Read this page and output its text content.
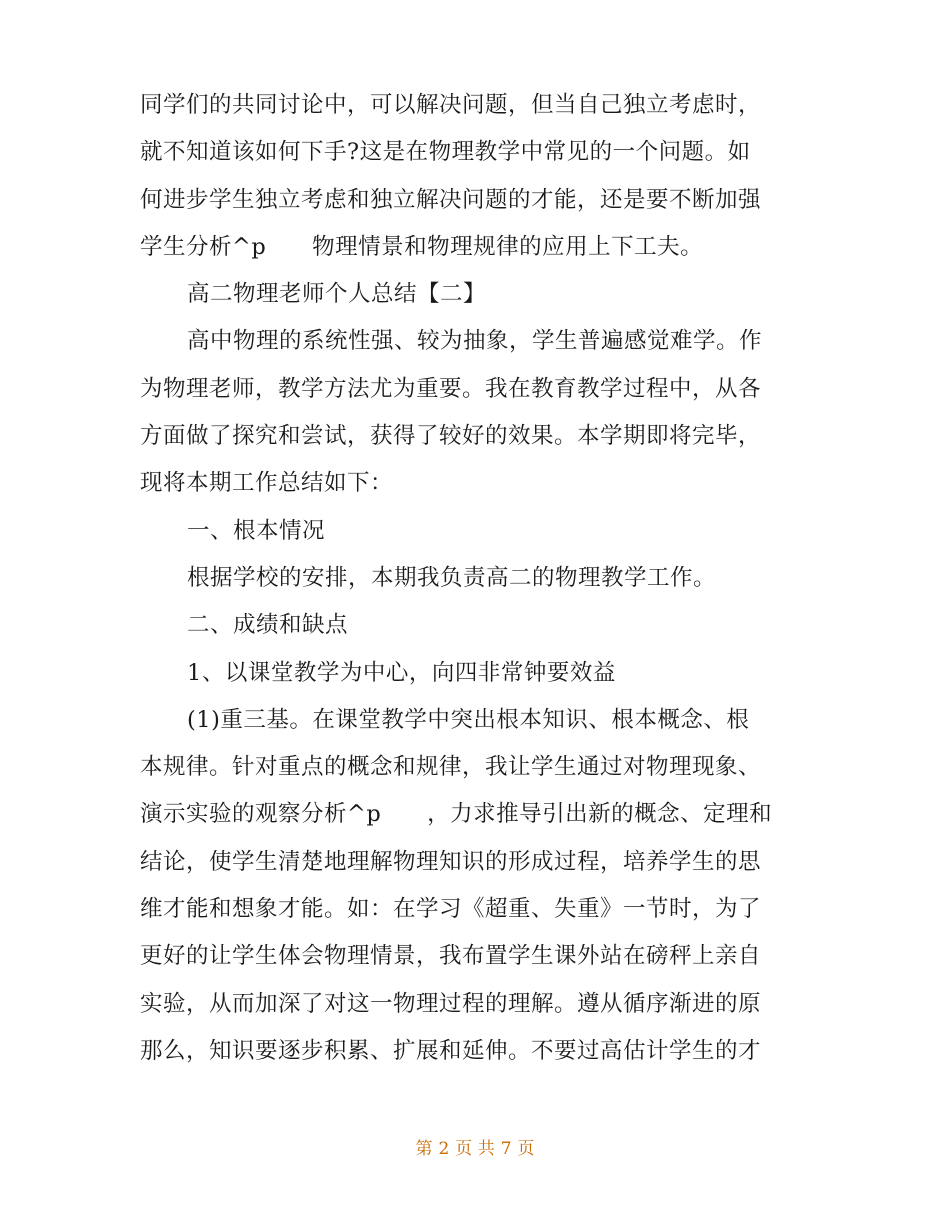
同学们的共同讨论中，可以解决问题，但当自己独立考虑时，
就不知道该如何下手?这是在物理教学中常见的一个问题。如
何进步学生独立考虑和独立解决问题的才能，还是要不断加强
学生分析^p      物理情景和物理规律的应用上下工夫。
高二物理老师个人总结【二】
高中物理的系统性强、较为抽象，学生普遍感觉难学。作
为物理老师，教学方法尤为重要。我在教育教学过程中，从各
方面做了探究和尝试，获得了较好的效果。本学期即将完毕，
现将本期工作总结如下：
一、根本情况
根据学校的安排，本期我负责高二的物理教学工作。
二、成绩和缺点
1、以课堂教学为中心，向四非常钟要效益
(1)重三基。在课堂教学中突出根本知识、根本概念、根
本规律。针对重点的概念和规律，我让学生通过对物理现象、
演示实验的观察分析^p      ，力求推导引出新的概念、定理和
结论，使学生清楚地理解物理知识的形成过程，培养学生的思
维才能和想象才能。如：在学习《超重、失重》一节时，为了
更好的让学生体会物理情景，我布置学生课外站在磅秤上亲自
实验，从而加深了对这一物理过程的理解。遵从循序渐进的原
那么，知识要逐步积累、扩展和延伸。不要过高估计学生的才
第 2 页 共 7 页
